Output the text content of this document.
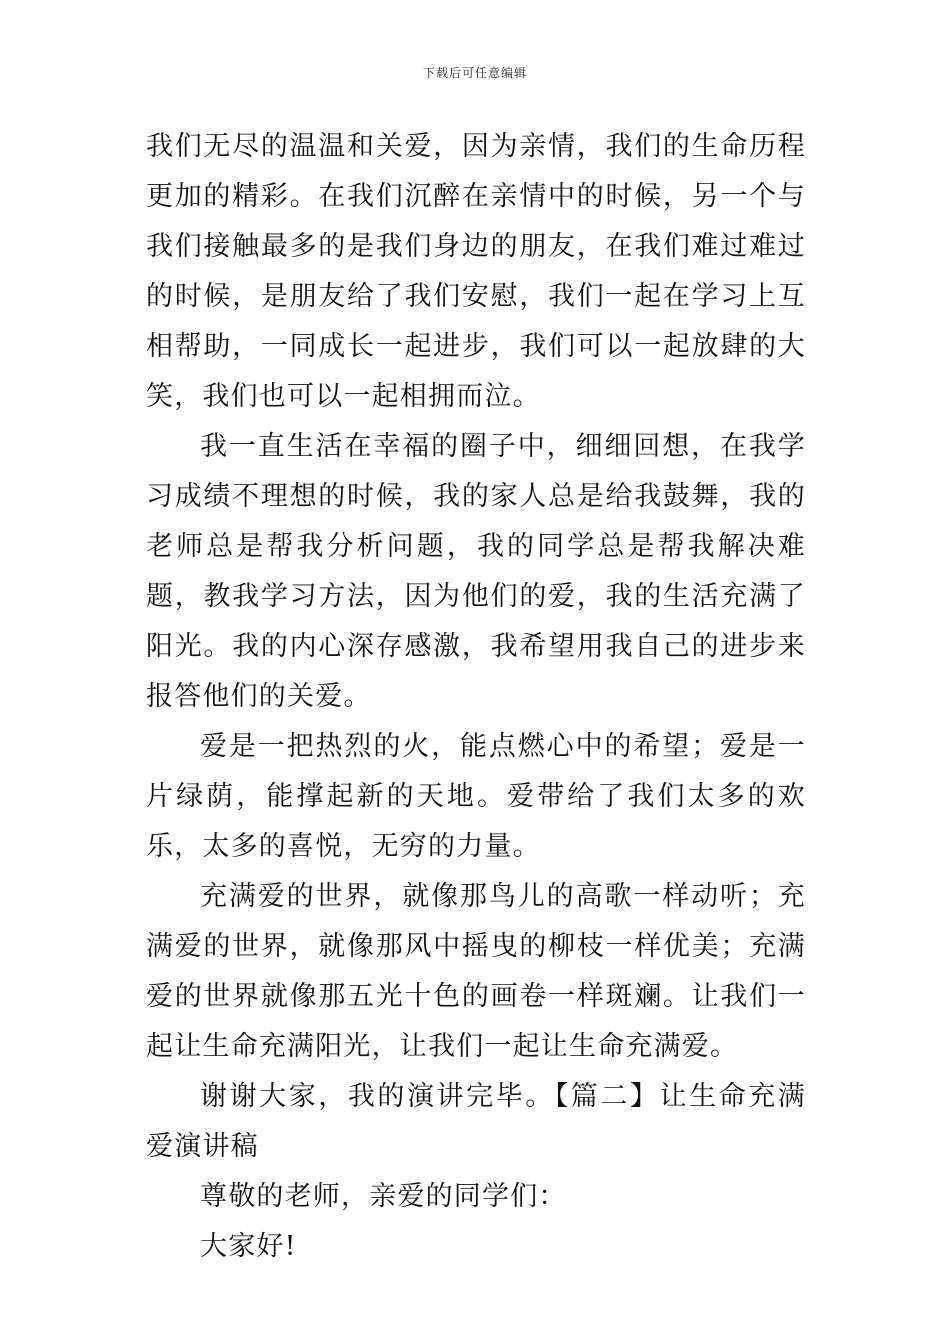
下载后可任意编辑

我们无尽的温温和关爱，因为亲情，我们的生命历程更加的精彩。在我们沉醉在亲情中的时候，另一个与我们接触最多的是我们身边的朋友，在我们难过难过的时候，是朋友给了我们安慰，我们一起在学习上互相帮助，一同成长一起进步，我们可以一起放肆的大笑，我们也可以一起相拥而泣。

我一直生活在幸福的圈子中，细细回想，在我学习成绩不理想的时候，我的家人总是给我鼓舞，我的老师总是帮我分析问题，我的同学总是帮我解决难题，教我学习方法，因为他们的爱，我的生活充满了阳光。我的内心深存感激，我希望用我自己的进步来报答他们的关爱。

爱是一把热烈的火，能点燃心中的希望；爱是一片绿荫，能撑起新的天地。爱带给了我们太多的欢乐，太多的喜悦，无穷的力量。

充满爱的世界，就像那鸟儿的高歌一样动听；充满爱的世界，就像那风中摇曳的柳枝一样优美；充满爱的世界就像那五光十色的画卷一样斑斓。让我们一起让生命充满阳光，让我们一起让生命充满爱。

谢谢大家，我的演讲完毕。【篇二】让生命充满爱演讲稿

尊敬的老师，亲爱的同学们：

大家好!
